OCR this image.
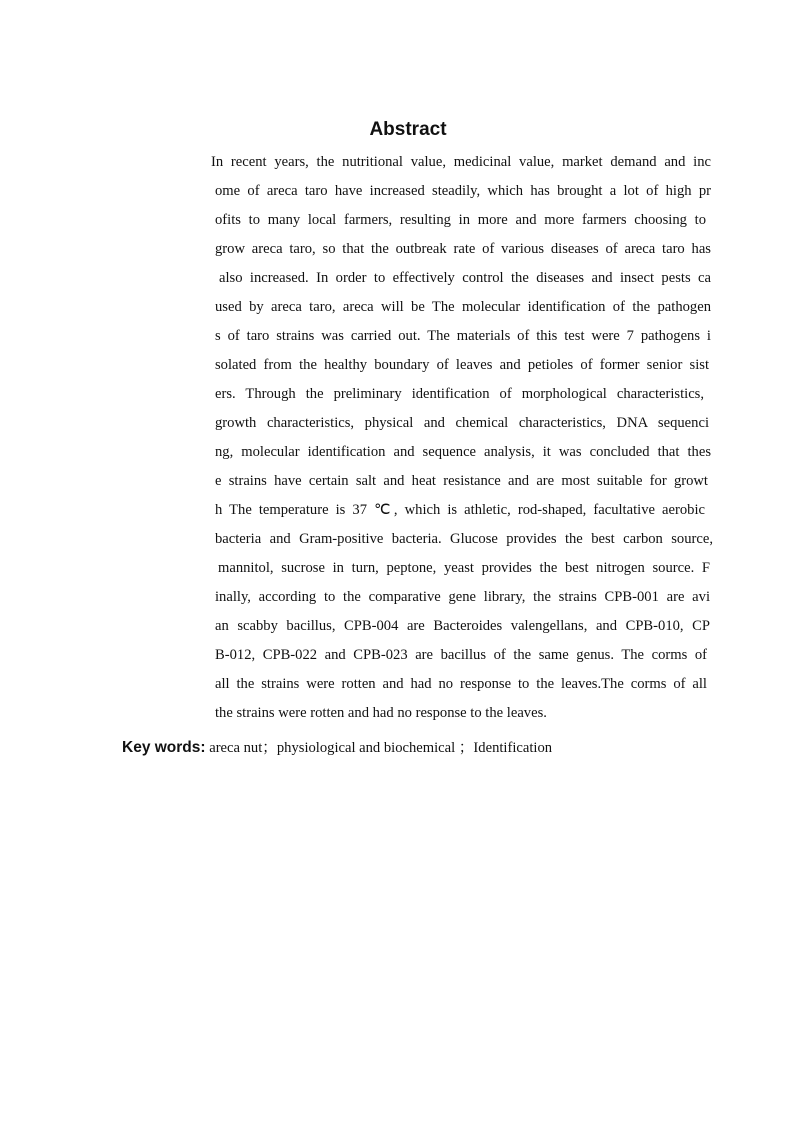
Abstract
In recent years, the nutritional value, medicinal value, market demand and inc
ome of areca taro have increased steadily, which has brought a lot of high pr
ofits to many local farmers, resulting in more and more farmers choosing to
grow areca taro, so that the outbreak rate of various diseases of areca taro has
also increased. In order to effectively control the diseases and insect pests ca
used by areca taro, areca will be The molecular identification of the pathogen
s of taro strains was carried out. The materials of this test were 7 pathogens i
solated from the healthy boundary of leaves and petioles of former senior sist
ers. Through the preliminary identification of morphological characteristics,
growth characteristics, physical and chemical characteristics, DNA sequenci
ng, molecular identification and sequence analysis, it was concluded that thes
e strains have certain salt and heat resistance and are most suitable for growt
h The temperature is 37 ℃, which is athletic, rod-shaped, facultative aerobic
bacteria and Gram-positive bacteria. Glucose provides the best carbon source,
mannitol, sucrose in turn, peptone, yeast provides the best nitrogen source. F
inally, according to the comparative gene library, the strains CPB-001 are avi
an scabby bacillus, CPB-004 are Bacteroides valengellans, and CPB-010, CP
B-012, CPB-022 and CPB-023 are bacillus of the same genus. The corms of
all the strains were rotten and had no response to the leaves.The corms of all
the strains were rotten and had no response to the leaves.
Key words: areca nut；physiological and biochemical ；Identification
